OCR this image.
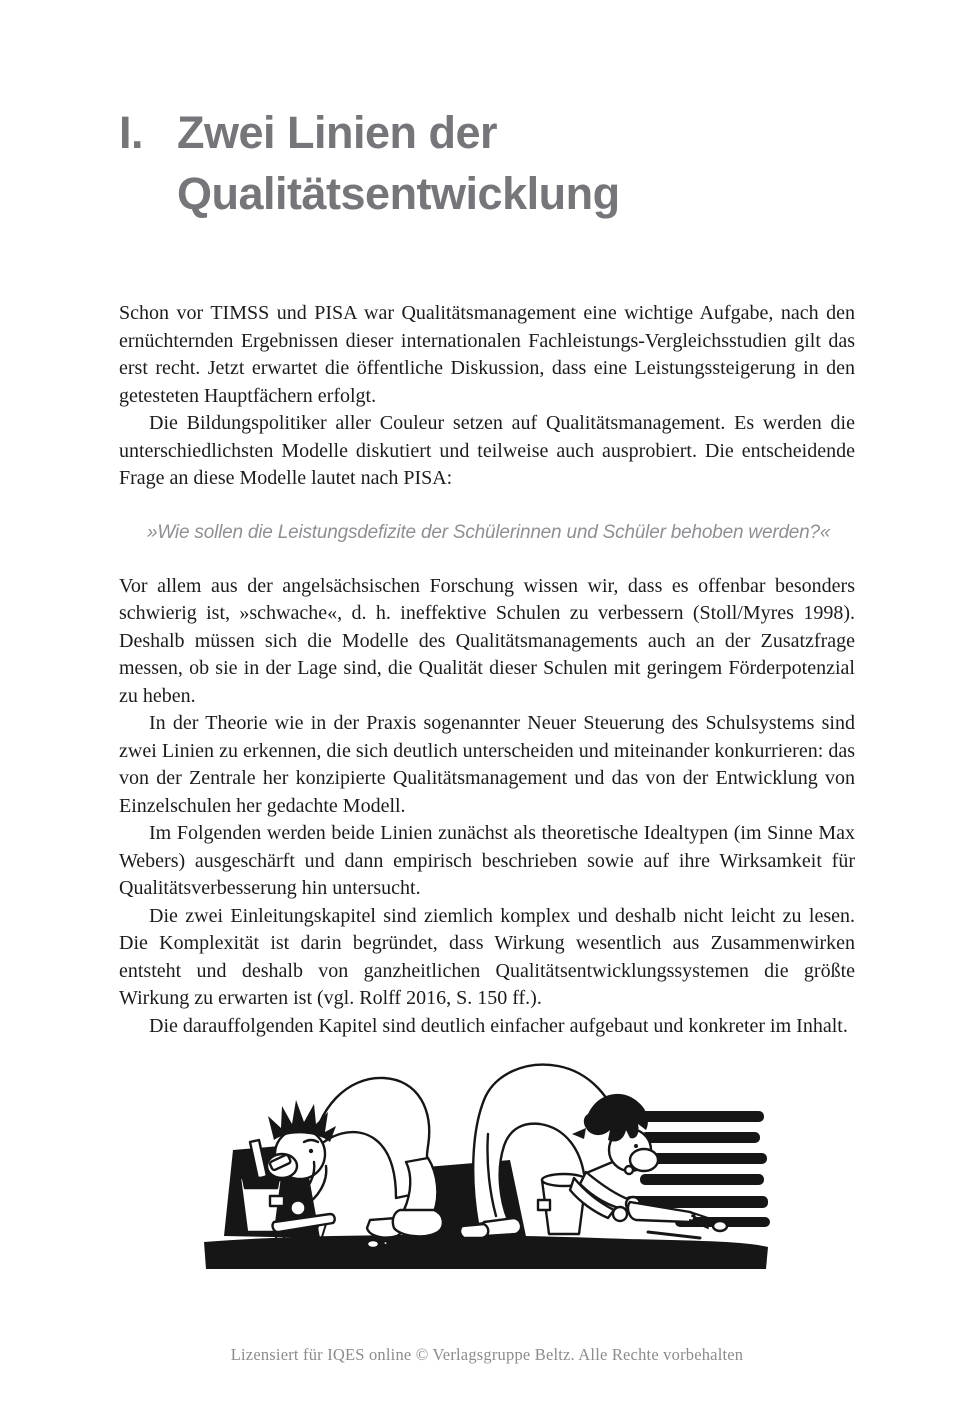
I. Zwei Linien der
Qualitätsentwicklung

Schon vor TIMSS und PISA war Qualitätsmanagement eine wichtige Aufgabe, nach den ernüchternden Ergebnissen dieser internationalen Fachleistungs-Vergleichsstudien gilt das erst recht. Jetzt erwartet die öffentliche Diskussion, dass eine Leistungssteigerung in den getesteten Hauptfächern erfolgt.

Die Bildungspolitiker aller Couleur setzen auf Qualitätsmanagement. Es werden die unterschiedlichsten Modelle diskutiert und teilweise auch ausprobiert. Die entscheidende Frage an diese Modelle lautet nach PISA:

»Wie sollen die Leistungsdefizite der Schülerinnen und Schüler behoben werden?«

Vor allem aus der angelsächsischen Forschung wissen wir, dass es offenbar besonders schwierig ist, »schwache«, d. h. ineffektive Schulen zu verbessern (Stoll/Myres 1998). Deshalb müssen sich die Modelle des Qualitätsmanagements auch an der Zusatzfrage messen, ob sie in der Lage sind, die Qualität dieser Schulen mit geringem Förderpotenzial zu heben.

In der Theorie wie in der Praxis sogenannter Neuer Steuerung des Schulsystems sind zwei Linien zu erkennen, die sich deutlich unterscheiden und miteinander konkurrieren: das von der Zentrale her konzipierte Qualitätsmanagement und das von der Entwicklung von Einzelschulen her gedachte Modell.

Im Folgenden werden beide Linien zunächst als theoretische Idealtypen (im Sinne Max Webers) ausgeschärft und dann empirisch beschrieben sowie auf ihre Wirksamkeit für Qualitätsverbesserung hin untersucht.

Die zwei Einleitungskapitel sind ziemlich komplex und deshalb nicht leicht zu lesen. Die Komplexität ist darin begründet, dass Wirkung wesentlich aus Zusammenwirken entsteht und deshalb von ganzheitlichen Qualitätsentwicklungssystemen die größte Wirkung zu erwarten ist (vgl. Rolff 2016, S. 150 ff.).

Die darauffolgenden Kapitel sind deutlich einfacher aufgebaut und konkreter im Inhalt.

Lizensiert für IQES online © Verlagsgruppe Beltz. Alle Rechte vorbehalten
